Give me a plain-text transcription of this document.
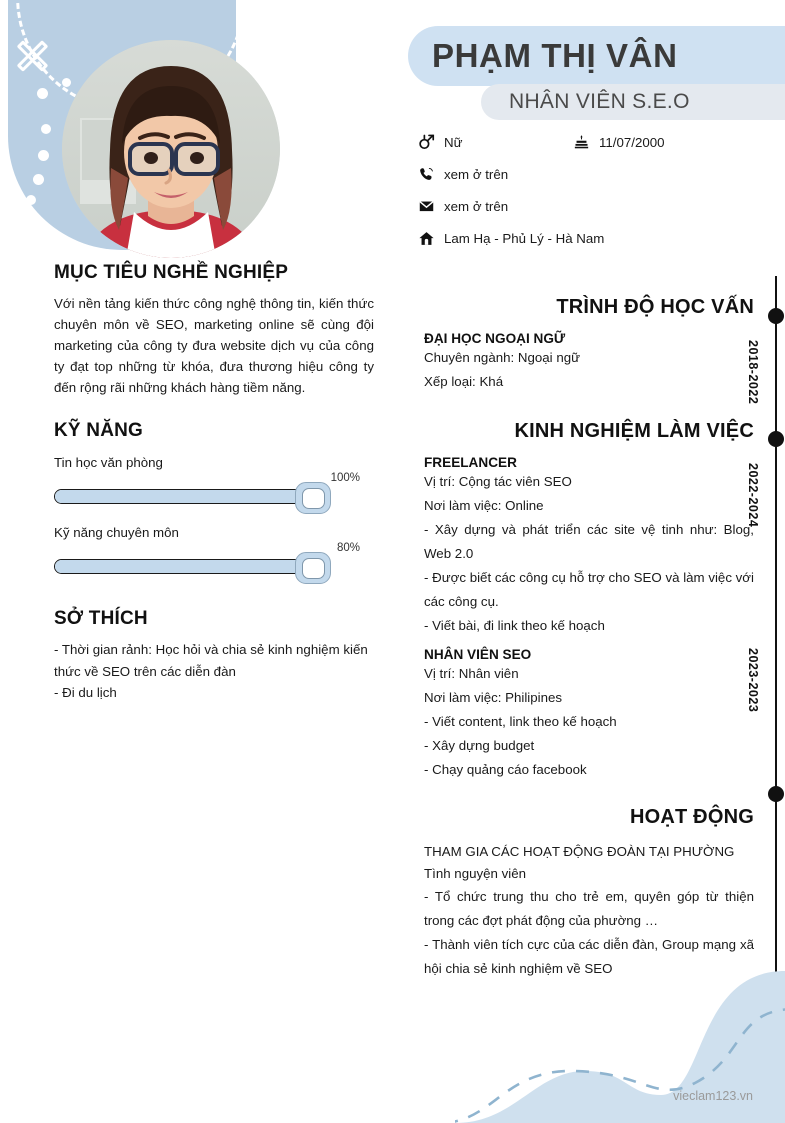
PHẠM THỊ VÂN
NHÂN VIÊN S.E.O
Nữ	11/07/2000
xem ở trên
xem ở trên
Lam Hạ - Phủ Lý - Hà Nam
MỤC TIÊU NGHỀ NGHIỆP
Với nền tảng kiến thức công nghệ thông tin, kiến thức chuyên môn về SEO, marketing online sẽ cùng đội marketing của công ty đưa website dịch vụ của công ty đạt top những từ khóa, đưa thương hiệu công ty đến rộng rãi những khách hàng tiềm năng.
KỸ NĂNG
Tin học văn phòng
100%
Kỹ năng chuyên môn
80%
SỞ THÍCH
- Thời gian rảnh: Học hỏi và chia sẻ kinh nghiệm kiến thức về SEO trên các diễn đàn
- Đi du lịch
2018-2022
2022-2024
2023-2023
TRÌNH ĐỘ HỌC VẤN
ĐẠI HỌC NGOẠI NGỮ
Chuyên ngành: Ngoại ngữ
Xếp loại: Khá
KINH NGHIỆM LÀM VIỆC
FREELANCER
Vị trí: Cộng tác viên SEO
Nơi làm việc: Online
- Xây dựng và phát triển các site vệ tinh như: Blog, Web 2.0
- Được biết các công cụ hỗ trợ cho SEO và làm việc với các công cụ.
- Viết bài, đi link theo kế hoạch
NHÂN VIÊN SEO
Vị trí: Nhân viên
Nơi làm việc: Philipines
- Viết content, link theo kế hoạch
- Xây dựng budget
- Chạy quảng cáo facebook
HOẠT ĐỘNG
THAM GIA CÁC HOẠT ĐỘNG ĐOÀN TẠI PHƯỜNG
Tình nguyện viên
- Tổ chức trung thu cho trẻ em, quyên góp từ thiện trong các đợt phát động của phường …
- Thành viên tích cực của các diễn đàn, Group mạng xã hội chia sẻ kinh nghiệm về SEO
vieclam123.vn
